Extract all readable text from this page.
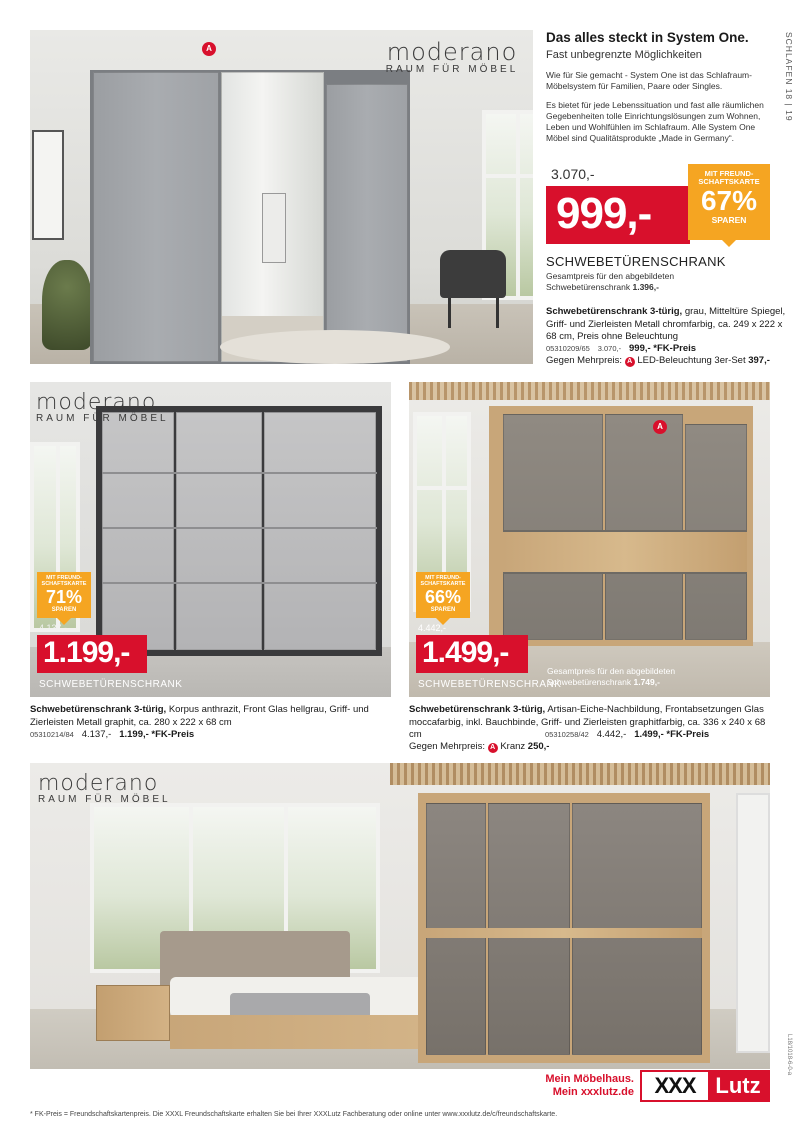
A	moderano
RAUM FÜR MÖBEL
Das alles steckt in System One.
Fast unbegrenzte Möglichkeiten
Wie für Sie gemacht - System One ist das Schlafraum-Möbelsystem für Familien, Paare oder Singles.
Es bietet für jede Lebenssituation und fast alle räumlichen Gegebenheiten tolle Einrichtungslösungen zum Wohnen, Leben und Wohlfühlen im Schlafraum. Alle System One Möbel sind Qualitätsprodukte „Made in Germany“.
3.070,-
999,-
MIT FREUND-
SCHAFTSKARTE
67%
SPAREN
SCHWEBETÜRENSCHRANK
Gesamtpreis für den abgebildeten
Schwebetürenschrank 1.396,-
Schwebetürenschrank 3-türig, grau, Mitteltüre Spiegel, Griff- und Zierleisten Metall chromfarbig, ca. 249 x 222 x 68 cm, Preis ohne Beleuchtung
05310209/65 3.070,- 999,- *FK-Preis
Gegen Mehrpreis: A LED-Beleuchtung 3er-Set 397,-
SCHLAFEN 18 | 19
moderano
RAUM FÜR MÖBEL
MIT FREUND-
SCHAFTSKARTE
71%
SPAREN
4.137,-
1.199,-
SCHWEBETÜRENSCHRANK
Schwebetürenschrank 3-türig, Korpus anthrazit, Front Glas hellgrau, Griff- und Zierleisten Metall graphit, ca. 280 x 222 x 68 cm
05310214/84 4.137,- 1.199,- *FK-Preis
A
MIT FREUND-
SCHAFTSKARTE
66%
SPAREN
4.442,-
1.499,-
SCHWEBETÜRENSCHRANK
Gesamtpreis für den abgebildeten
Schwebetürenschrank 1.749,-
Schwebetürenschrank 3-türig, Artisan-Eiche-Nachbildung, Frontabsetzungen Glas moccafarbig, inkl. Bauchbinde, Griff- und Zierleisten graphitfarbig, ca. 336 x 240 x 68 cm	05310258/42 4.442,- 1.499,- *FK-Preis
Gegen Mehrpreis: A Kranz 250,-
moderano
RAUM FÜR MÖBEL
Mein Möbelhaus.
Mein xxxlutz.de XXX Lutz
* FK-Preis = Freundschaftskartenpreis. Die XXXL Freundschaftskarte erhalten Sie bei Ihrer XXXLutz Fachberatung oder online unter www.xxxlutz.de/c/freundschaftskarte.
L18/1018-6-0-a
